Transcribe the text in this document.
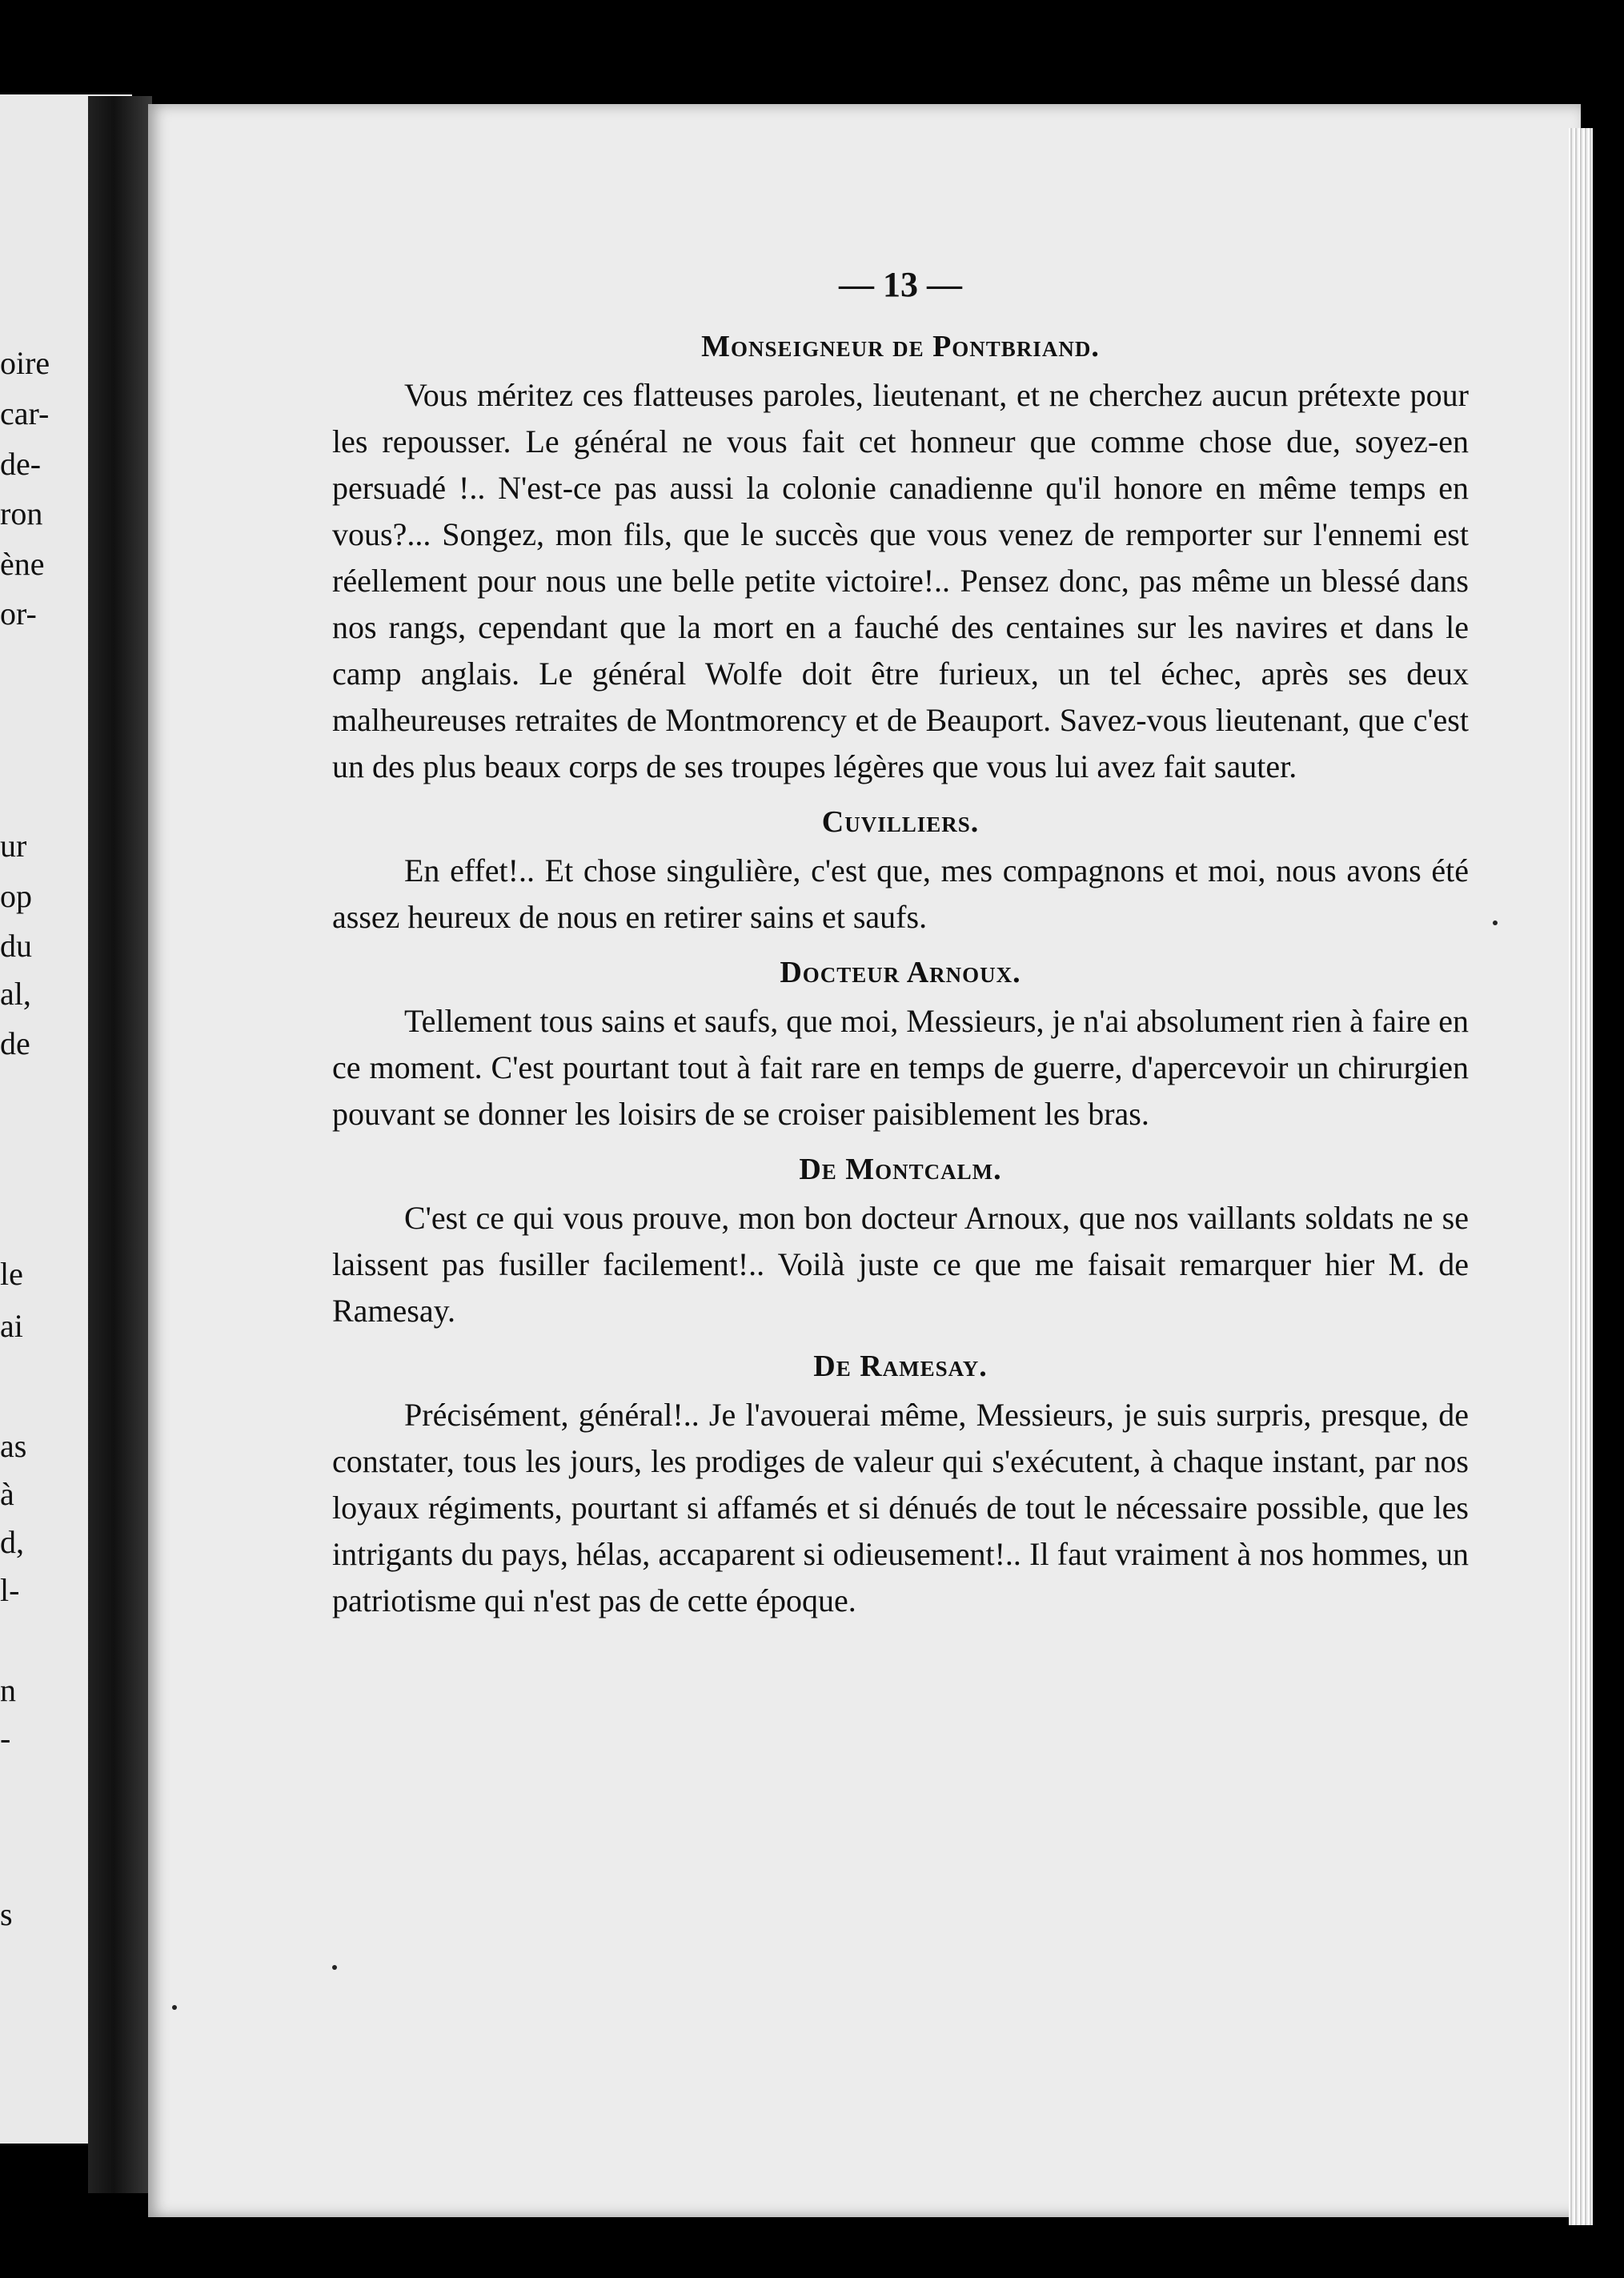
oire
car-
de-
ron
ène
or-
ur
op
du
al,
de
le
ai
as
à
d,
l-
n
-
s
— 13 —
Monseigneur de Pontbriand.

Vous méritez ces flatteuses paroles, lieutenant, et ne cherchez aucun prétexte pour les repousser. Le général ne vous fait cet honneur que comme chose due, soyez-en persuadé !.. N'est-ce pas aussi la colonie canadienne qu'il honore en même temps en vous?... Songez, mon fils, que le succès que vous venez de remporter sur l'ennemi est réellement pour nous une belle petite victoire!.. Pensez donc, pas même un blessé dans nos rangs, cependant que la mort en a fauché des centaines sur les navires et dans le camp anglais. Le général Wolfe doit être furieux, un tel échec, après ses deux malheureuses retraites de Montmorency et de Beauport. Savez-vous lieutenant, que c'est un des plus beaux corps de ses troupes légères que vous lui avez fait sauter.

Cuvilliers.

En effet!.. Et chose singulière, c'est que, mes compagnons et moi, nous avons été assez heureux de nous en retirer sains et saufs.

Docteur Arnoux.

Tellement tous sains et saufs, que moi, Messieurs, je n'ai absolument rien à faire en ce moment. C'est pourtant tout à fait rare en temps de guerre, d'apercevoir un chirurgien pouvant se donner les loisirs de se croiser paisiblement les bras.

De Montcalm.

C'est ce qui vous prouve, mon bon docteur Arnoux, que nos vaillants soldats ne se laissent pas fusiller facilement!.. Voilà juste ce que me faisait remarquer hier M. de Ramesay.

De Ramesay.

Précisément, général!.. Je l'avouerai même, Messieurs, je suis surpris, presque, de constater, tous les jours, les prodiges de valeur qui s'exécutent, à chaque instant, par nos loyaux régiments, pourtant si affamés et si dénués de tout le nécessaire possible, que les intrigants du pays, hélas, accaparent si odieusement!.. Il faut vraiment à nos hommes, un patriotisme qui n'est pas de cette époque.
